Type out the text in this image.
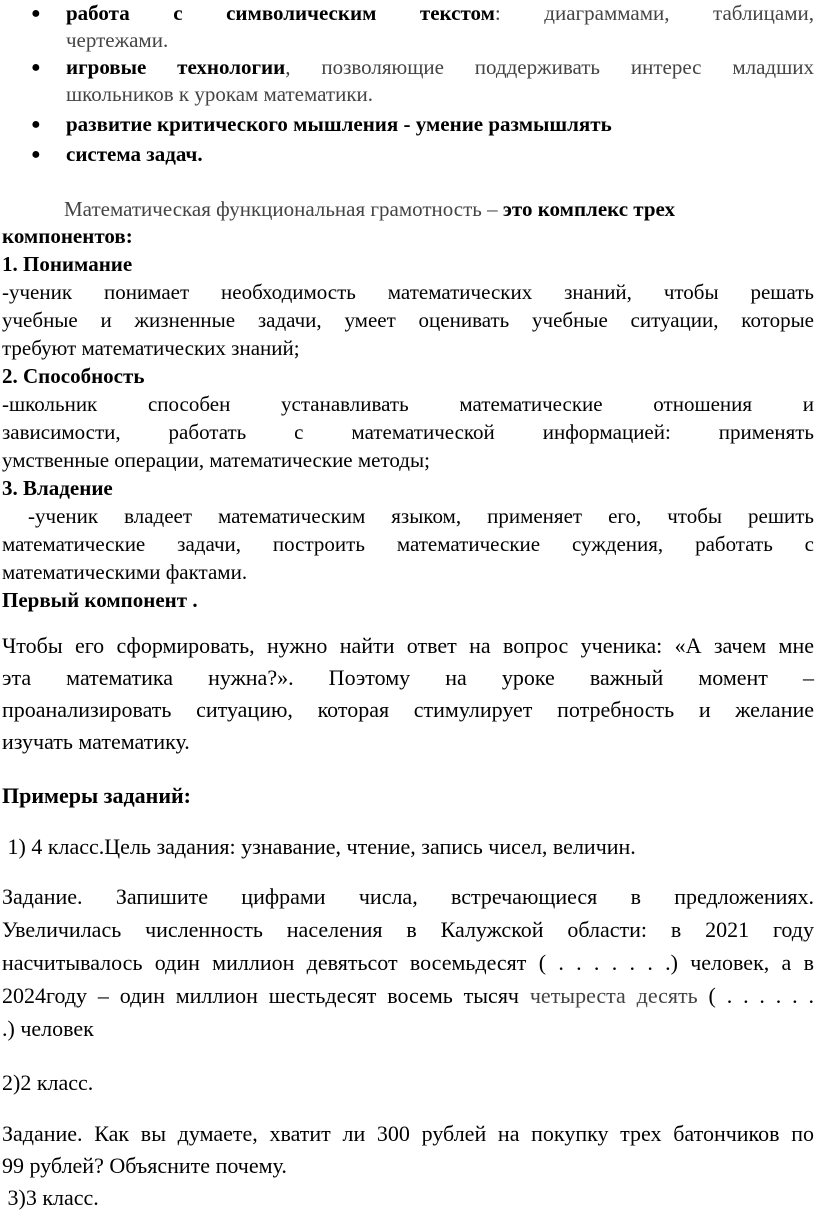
● работа с символическим текстом: диаграммами, таблицами,
чертежами.
● игровые технологии, позволяющие поддерживать интерес младших
школьников к урокам математики.
● развитие критического мышления - умение размышлять
● система задач.

Математическая функциональная грамотность – это комплекс трех

компонентов:

1. Понимание

-ученик понимает необходимость математических знаний, чтобы решать

учебные и жизненные задачи, умеет оценивать учебные ситуации, которые

требуют математических знаний;

2. Способность

-школьник способен устанавливать математические отношения и

зависимости, работать с математической информацией: применять

умственные операции, математические методы;

3. Владение

-ученик владеет математическим языком, применяет его, чтобы решить

математические задачи, построить математические суждения, работать с

математическими фактами.

Первый компонент .

Чтобы его сформировать, нужно найти ответ на вопрос ученика: «А зачем мне

эта математика нужна?». Поэтому на уроке важный момент –

проанализировать ситуацию, которая стимулирует потребность и желание

изучать математику.

Примеры заданий:

1) 4 класс.Цель задания: узнавание, чтение, запись чисел, величин.

Задание. Запишите цифрами числа, встречающиеся в предложениях.

Увеличилась численность населения в Калужской области: в 2021 году

насчитывалось один миллион девятьсот восемьдесят ( . . . . . . .) человек, а в

2024году – один миллион шестьдесят восемь тысяч четыреста десять ( . . . . . .

.) человек

2)2 класс.

Задание. Как вы думаете, хватит ли 300 рублей на покупку трех батончиков по

99 рублей? Объясните почему.

3)3 класс.
